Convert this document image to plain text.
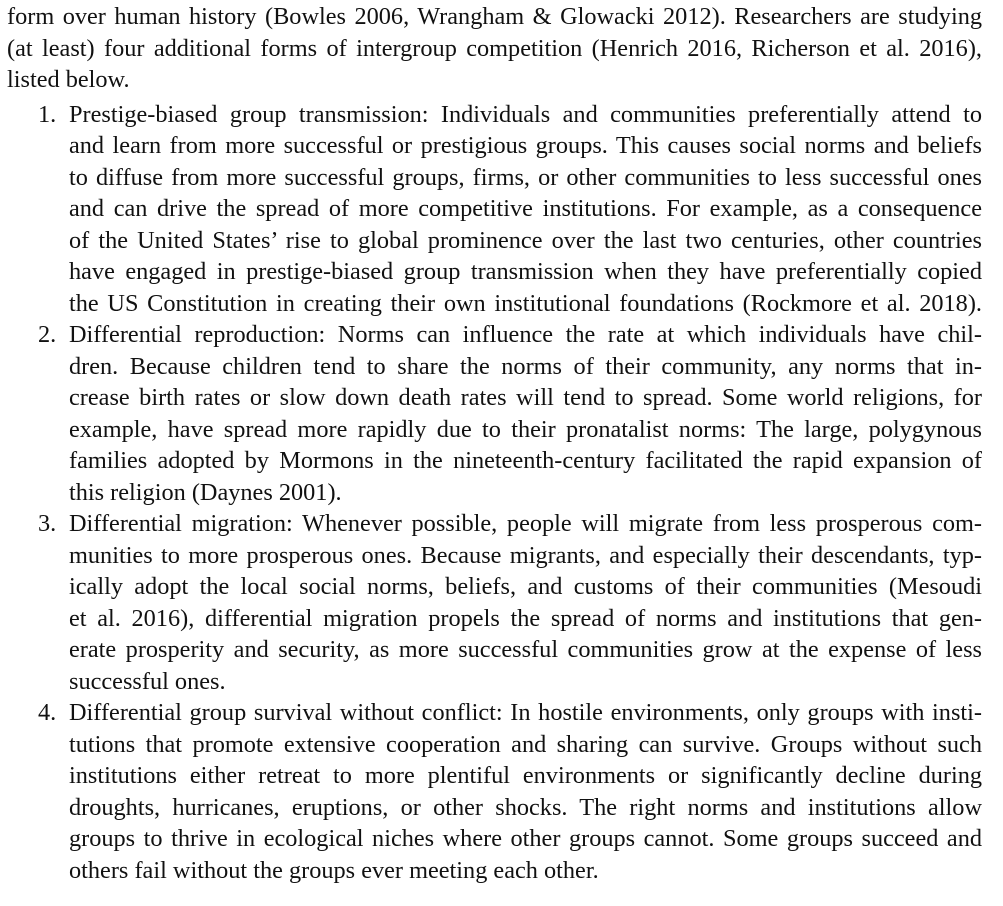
form over human history (Bowles 2006, Wrangham & Glowacki 2012). Researchers are studying
(at least) four additional forms of intergroup competition (Henrich 2016, Richerson et al. 2016),
listed below.
1. Prestige-biased group transmission: Individuals and communities preferentially attend to
and learn from more successful or prestigious groups. This causes social norms and beliefs
to diffuse from more successful groups, firms, or other communities to less successful ones
and can drive the spread of more competitive institutions. For example, as a consequence
of the United States’ rise to global prominence over the last two centuries, other countries
have engaged in prestige-biased group transmission when they have preferentially copied
the US Constitution in creating their own institutional foundations (Rockmore et al. 2018).
2. Differential reproduction: Norms can influence the rate at which individuals have chil-
dren. Because children tend to share the norms of their community, any norms that in-
crease birth rates or slow down death rates will tend to spread. Some world religions, for
example, have spread more rapidly due to their pronatalist norms: The large, polygynous
families adopted by Mormons in the nineteenth-century facilitated the rapid expansion of
this religion (Daynes 2001).
3. Differential migration: Whenever possible, people will migrate from less prosperous com-
munities to more prosperous ones. Because migrants, and especially their descendants, typ-
ically adopt the local social norms, beliefs, and customs of their communities (Mesoudi
et al. 2016), differential migration propels the spread of norms and institutions that gen-
erate prosperity and security, as more successful communities grow at the expense of less
successful ones.
4. Differential group survival without conflict: In hostile environments, only groups with insti-
tutions that promote extensive cooperation and sharing can survive. Groups without such
institutions either retreat to more plentiful environments or significantly decline during
droughts, hurricanes, eruptions, or other shocks. The right norms and institutions allow
groups to thrive in ecological niches where other groups cannot. Some groups succeed and
others fail without the groups ever meeting each other.
